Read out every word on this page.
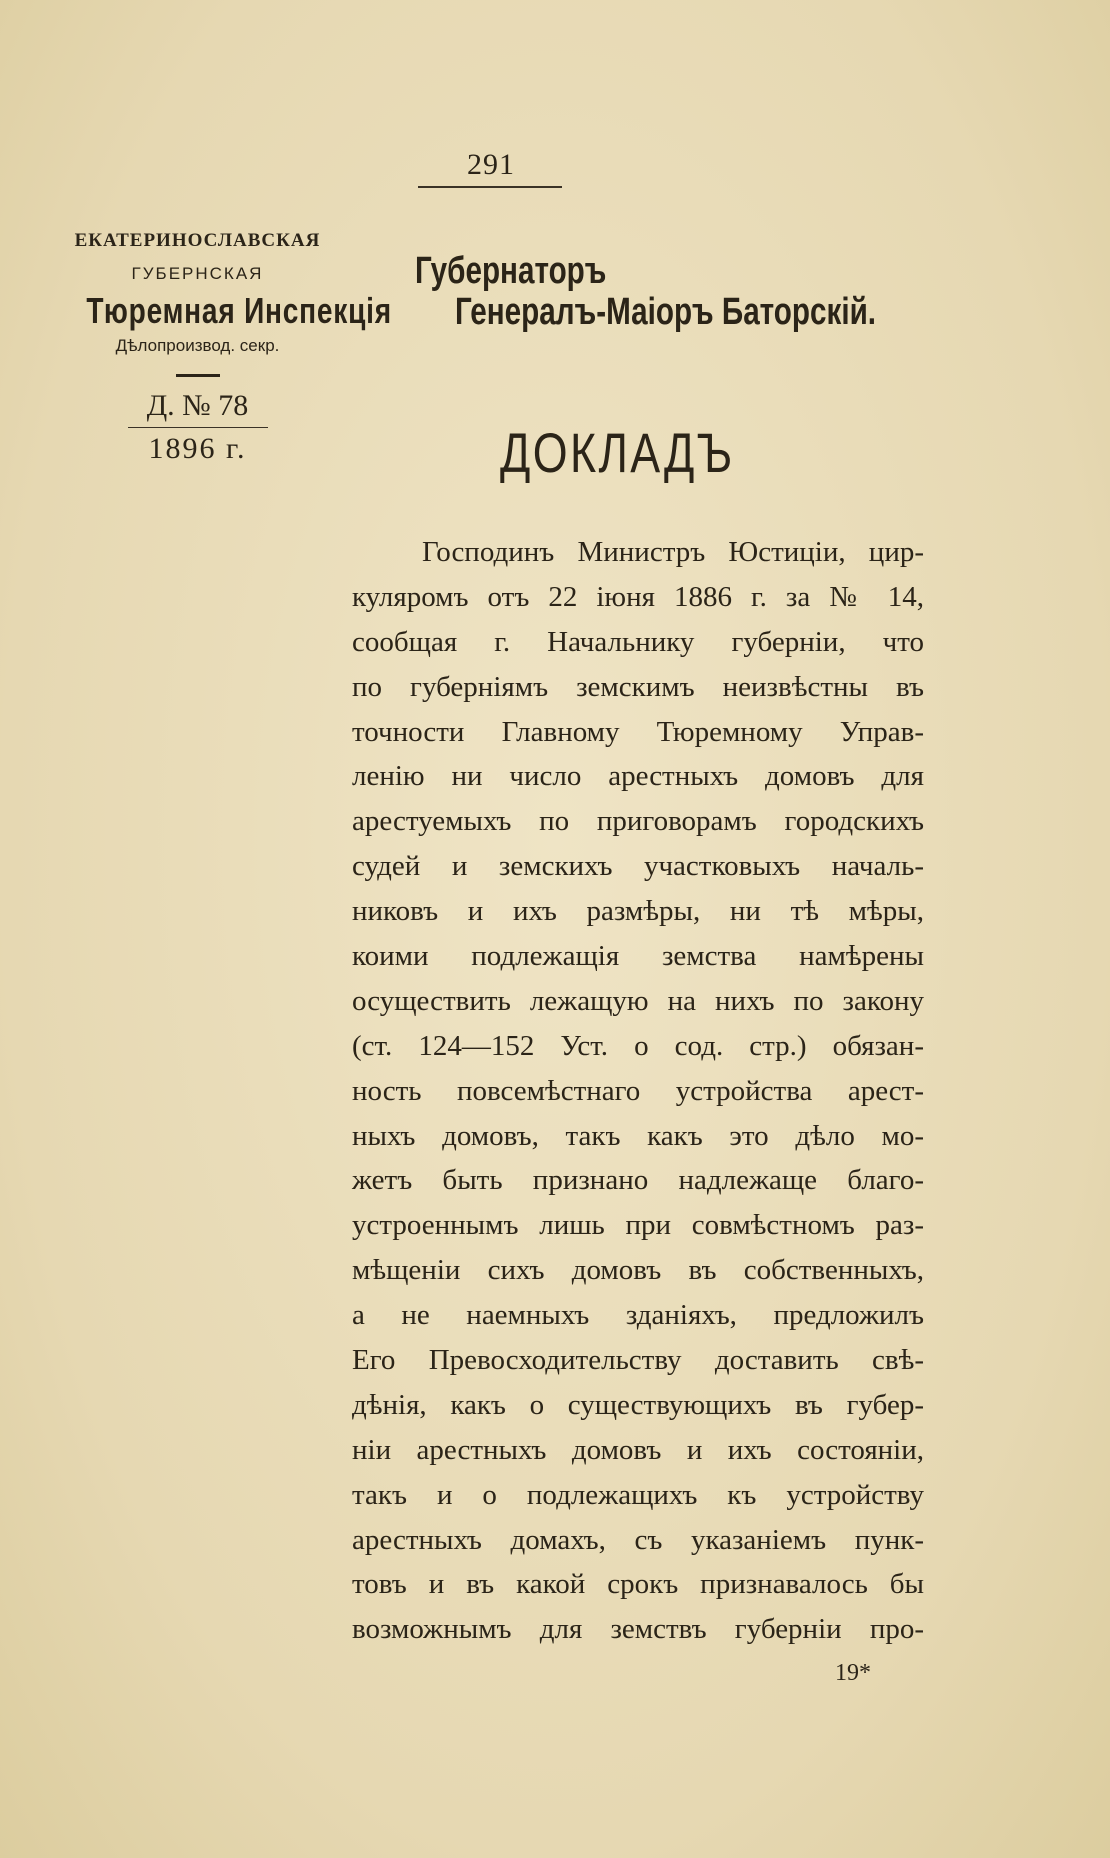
291
ЕКАТЕРИНОСЛАВСКАЯ
ГУБЕРНСКАЯ
Тюремная Инспекція
Дѣлопроизвод. секр.
Д. № 78
1896 г.
Губернаторъ
Генералъ-Маіоръ Баторскій.
ДОКЛАДЪ
Господинъ Министръ Юстиціи, цир-
куляромъ отъ 22 іюня 1886 г. за № 14,
сообщая г. Начальнику губерніи, что
по губерніямъ земскимъ неизвѣстны въ
точности Главному Тюремному Управ-
ленію ни число арестныхъ домовъ для
арестуемыхъ по приговорамъ городскихъ
судей и земскихъ участковыхъ началь-
никовъ и ихъ размѣры, ни тѣ мѣры,
коими подлежащія земства намѣрены
осуществить лежащую на нихъ по закону
(ст. 124—152 Уст. о сод. стр.) обязан-
ность повсемѣстнаго устройства арест-
ныхъ домовъ, такъ какъ это дѣло мо-
жетъ быть признано надлежаще благо-
устроеннымъ лишь при совмѣстномъ раз-
мѣщеніи сихъ домовъ въ собственныхъ,
а не наемныхъ зданіяхъ, предложилъ
Его Превосходительству доставить свѣ-
дѣнія, какъ о существующихъ въ губер-
ніи арестныхъ домовъ и ихъ состояніи,
такъ и о подлежащихъ къ устройству
арестныхъ домахъ, съ указаніемъ пунк-
товъ и въ какой срокъ признавалось бы
возможнымъ для земствъ губерніи про-
19*
